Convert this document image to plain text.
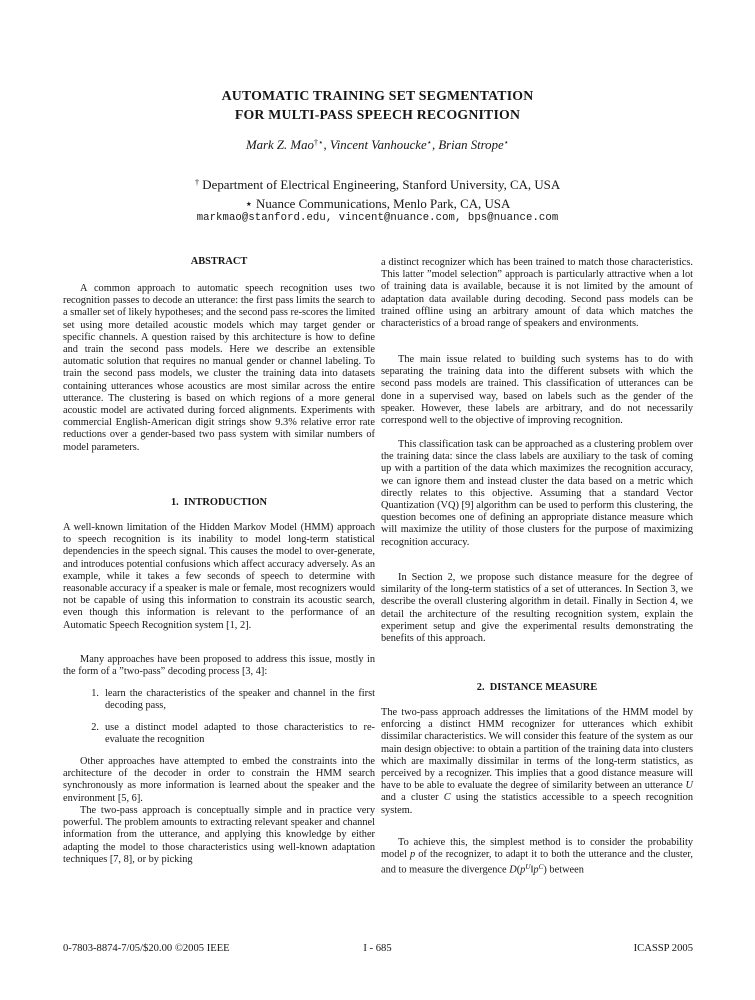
AUTOMATIC TRAINING SET SEGMENTATION
FOR MULTI-PASS SPEECH RECOGNITION
Mark Z. Mao†⋆, Vincent Vanhoucke⋆, Brian Strope⋆
† Department of Electrical Engineering, Stanford University, CA, USA
⋆ Nuance Communications, Menlo Park, CA, USA
markmao@stanford.edu, vincent@nuance.com, bps@nuance.com
ABSTRACT
A common approach to automatic speech recognition uses two recognition passes to decode an utterance: the first pass limits the search to a smaller set of likely hypotheses; and the second pass re-scores the limited set using more detailed acoustic models which may target gender or specific channels. A question raised by this architecture is how to define and train the second pass models. Here we describe an extensible automatic solution that requires no manual gender or channel labeling. To train the second pass models, we cluster the training data into datasets containing utterances whose acoustics are most similar across the entire utterance. The clustering is based on which regions of a more general acoustic model are activated during forced alignments. Experiments with commercial English-American digit strings show 9.3% relative error rate reductions over a gender-based two pass system with similar numbers of model parameters.
1. INTRODUCTION
A well-known limitation of the Hidden Markov Model (HMM) approach to speech recognition is its inability to model long-term statistical dependencies in the speech signal. This causes the model to over-generate, and introduces potential confusions which affect accuracy adversely. As an example, while it takes a few seconds of speech to determine with reasonable accuracy if a speaker is male or female, most recognizers would not be capable of using this information to constrain its acoustic search, even though this information is relevant to the performance of an Automatic Speech Recognition system [1, 2].
Many approaches have been proposed to address this issue, mostly in the form of a ”two-pass” decoding process [3, 4]:
1. learn the characteristics of the speaker and channel in the first decoding pass,
2. use a distinct model adapted to those characteristics to re-evaluate the recognition
Other approaches have attempted to embed the constraints into the architecture of the decoder in order to constrain the HMM search synchronously as more information is learned about the speaker and the environment [5, 6].
The two-pass approach is conceptually simple and in practice very powerful. The problem amounts to extracting relevant speaker and channel information from the utterance, and applying this knowledge by either adapting the model to those characteristics using well-known adaptation techniques [7, 8], or by picking
a distinct recognizer which has been trained to match those characteristics. This latter ”model selection” approach is particularly attractive when a lot of training data is available, because it is not limited by the amount of adaptation data available during decoding. Second pass models can be trained offline using an arbitrary amount of data which matches the characteristics of a broad range of speakers and environments.
The main issue related to building such systems has to do with separating the training data into the different subsets with which the second pass models are trained. This classification of utterances can be done in a supervised way, based on labels such as the gender of the speaker. However, these labels are arbitrary, and do not necessarily correspond well to the objective of improving recognition.
This classification task can be approached as a clustering problem over the training data: since the class labels are auxiliary to the task of coming up with a partition of the data which maximizes the recognition accuracy, we can ignore them and instead cluster the data based on a metric which directly relates to this objective. Assuming that a standard Vector Quantization (VQ) [9] algorithm can be used to perform this clustering, the question becomes one of defining an appropriate distance measure which will maximize the utility of those clusters for the purpose of maximizing recognition accuracy.
In Section 2, we propose such distance measure for the degree of similarity of the long-term statistics of a set of utterances. In Section 3, we describe the overall clustering algorithm in detail. Finally in Section 4, we detail the architecture of the resulting recognition system, explain the experiment setup and give the experimental results demonstrating the benefits of this approach.
2. DISTANCE MEASURE
The two-pass approach addresses the limitations of the HMM model by enforcing a distinct HMM recognizer for utterances which exhibit dissimilar characteristics. We will consider this feature of the system as our main design objective: to obtain a partition of the training data into clusters which are maximally dissimilar in terms of the long-term statistics, as perceived by a recognizer. This implies that a good distance measure will have to be able to evaluate the degree of similarity between an utterance U and a cluster C using the statistics accessible to a speech recognition system.
To achieve this, the simplest method is to consider the probability model p of the recognizer, to adapt it to both the utterance and the cluster, and to measure the divergence $D(p^U‖p^C)$ between
0-7803-8874-7/05/$20.00 ©2005 IEEE	I - 685	ICASSP 2005
